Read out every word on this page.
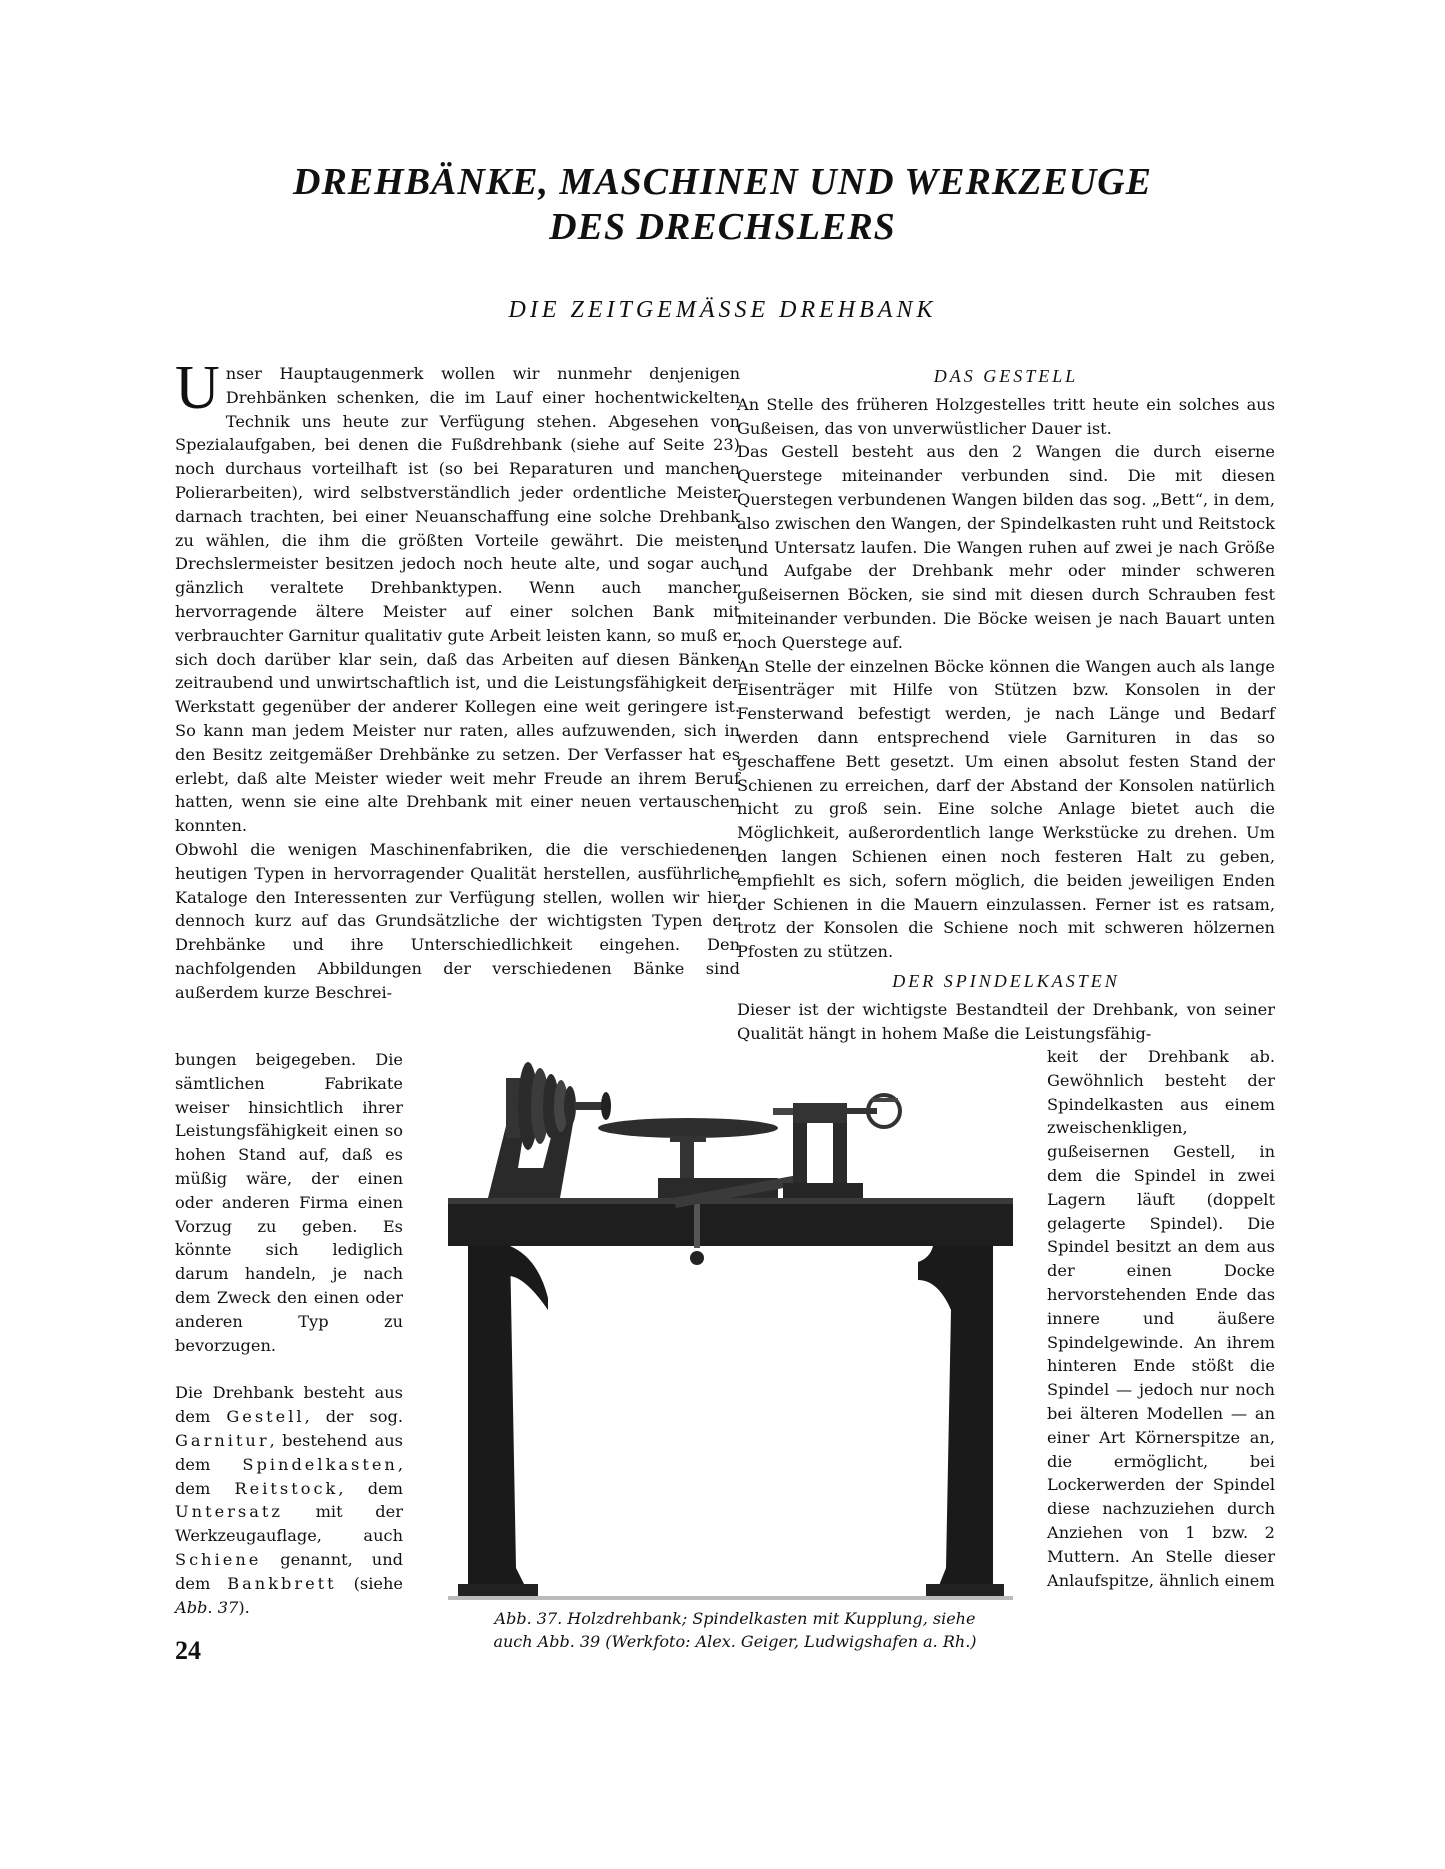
DREHBÄNKE, MASCHINEN UND WERKZEUGE
DES DRECHSLERS
DIE ZEITGEMÄSSE DREHBANK

Unser Hauptaugenmerk wollen wir nunmehr denjenigen Drehbänken schenken, die im Lauf einer hochentwickelten Technik uns heute zur Verfügung stehen. Abgesehen von Spezialaufgaben, bei denen die Fußdrehbank (siehe auf Seite 23) noch durchaus vorteilhaft ist (so bei Reparaturen und manchen Polierarbeiten), wird selbstverständlich jeder ordentliche Meister darnach trachten, bei einer Neuanschaffung eine solche Drehbank zu wählen, die ihm die größten Vorteile gewährt. Die meisten Drechslermeister besitzen jedoch noch heute alte, und sogar auch gänzlich veraltete Drehbanktypen. Wenn auch mancher hervorragende ältere Meister auf einer solchen Bank mit verbrauchter Garnitur qualitativ gute Arbeit leisten kann, so muß er sich doch darüber klar sein, daß das Arbeiten auf diesen Bänken zeitraubend und unwirtschaftlich ist, und die Leistungsfähigkeit der Werkstatt gegenüber der anderer Kollegen eine weit geringere ist. So kann man jedem Meister nur raten, alles aufzuwenden, sich in den Besitz zeitgemäßer Drehbänke zu setzen. Der Verfasser hat es erlebt, daß alte Meister wieder weit mehr Freude an ihrem Beruf hatten, wenn sie eine alte Drehbank mit einer neuen vertauschen konnten.

Obwohl die wenigen Maschinenfabriken, die die verschiedenen heutigen Typen in hervorragender Qualität herstellen, ausführliche Kataloge den Interessenten zur Verfügung stellen, wollen wir hier dennoch kurz auf das Grundsätzliche der wichtigsten Typen der Drehbänke und ihre Unterschiedlichkeit eingehen. Den nachfolgenden Abbildungen der verschiedenen Bänke sind außerdem kurze Beschrei-

DAS GESTELL

An Stelle des früheren Holzgestelles tritt heute ein solches aus Gußeisen, das von unverwüstlicher Dauer ist.

Das Gestell besteht aus den 2 Wangen die durch eiserne Querstege miteinander verbunden sind. Die mit diesen Querstegen verbundenen Wangen bilden das sog. „Bett“, in dem, also zwischen den Wangen, der Spindelkasten ruht und Reitstock und Untersatz laufen. Die Wangen ruhen auf zwei je nach Größe und Aufgabe der Drehbank mehr oder minder schweren gußeisernen Böcken, sie sind mit diesen durch Schrauben fest miteinander verbunden. Die Böcke weisen je nach Bauart unten noch Querstege auf.

An Stelle der einzelnen Böcke können die Wangen auch als lange Eisenträger mit Hilfe von Stützen bzw. Konsolen in der Fensterwand befestigt werden, je nach Länge und Bedarf werden dann entsprechend viele Garnituren in das so geschaffene Bett gesetzt. Um einen absolut festen Stand der Schienen zu erreichen, darf der Abstand der Konsolen natürlich nicht zu groß sein. Eine solche Anlage bietet auch die Möglichkeit, außerordentlich lange Werkstücke zu drehen. Um den langen Schienen einen noch festeren Halt zu geben, empfiehlt es sich, sofern möglich, die beiden jeweiligen Enden der Schienen in die Mauern einzulassen. Ferner ist es ratsam, trotz der Konsolen die Schiene noch mit schweren hölzernen Pfosten zu stützen.

DER SPINDELKASTEN

Dieser ist der wichtigste Bestandteil der Drehbank, von seiner Qualität hängt in hohem Maße die Leistungsfähig-

bungen beigegeben. Die sämtlichen Fabrikate weiser hinsichtlich ihrer Leistungsfähigkeit einen so hohen Stand auf, daß es müßig wäre, der einen oder anderen Firma einen Vorzug zu geben. Es könnte sich lediglich darum handeln, je nach dem Zweck den einen oder anderen Typ zu bevorzugen.

Die Drehbank besteht aus dem Gestell, der sog. Garnitur, bestehend aus dem Spindelkasten, dem Reitstock, dem Untersatz mit der Werkzeugauflage, auch Schiene genannt, und dem Bankbrett (siehe Abb. 37).

Abb. 37. Holzdrehbank; Spindelkasten mit Kupplung, siehe
auch Abb. 39 (Werkfoto: Alex. Geiger, Ludwigshafen a. Rh.)

keit der Drehbank ab. Gewöhnlich besteht der Spindelkasten aus einem zweischenkligen, gußeisernen Gestell, in dem die Spindel in zwei Lagern läuft (doppelt gelagerte Spindel). Die Spindel besitzt an dem aus der einen Docke hervorstehenden Ende das innere und äußere Spindelgewinde. An ihrem hinteren Ende stößt die Spindel — jedoch nur noch bei älteren Modellen — an einer Art Körnerspitze an, die ermöglicht, bei Lockerwerden der Spindel diese nachzuziehen durch Anziehen von 1 bzw. 2 Muttern. An Stelle dieser Anlaufspitze, ähnlich einem

24
